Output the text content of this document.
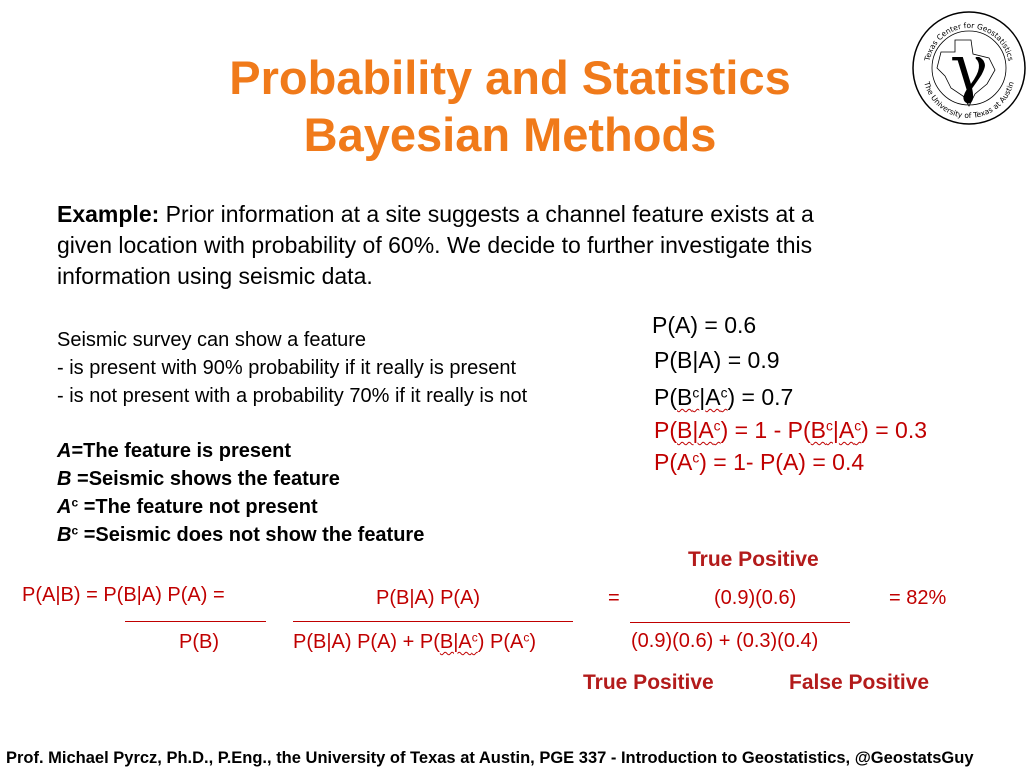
Probability and Statistics
Bayesian Methods
Texas Center for Geostatistics
The University of Texas at Austin
γ
Example: Prior information at a site suggests a channel feature exists at a
given location with probability of 60%. We decide to further investigate this
information using seismic data.
Seismic survey can show a feature
- is present with 90% probability if it really is present
- is not present with a probability 70% if it really is not
A=The feature is present
B =Seismic shows the feature
$A^c =The$ feature not present
$B^c$ =Seismic does not show the feature
P(A) = 0.6
P(B|A) = 0.9
$P(B^c|A^c) = 0.7$
$P(B|A^c) = 1 - P(B^c|A^c) = 0.3$
$P(A^c) = 1-$ P(A) = 0.4
True Positive
P(A|B) = P(B|A) P(A) =
P(B)
P(B|A) P(A)
P(B|A) $P(A) + P(B|A^c)$ $P(A^c)$
=	(0.9)(0.6)
(0.9)(0.6) + (0.3)(0.4)
= 82%
True Positive	False Positive
Prof. Michael Pyrcz, Ph.D., P.Eng., the University of Texas at Austin, PGE 337 - Introduction to Geostatistics, @GeostatsGuy
